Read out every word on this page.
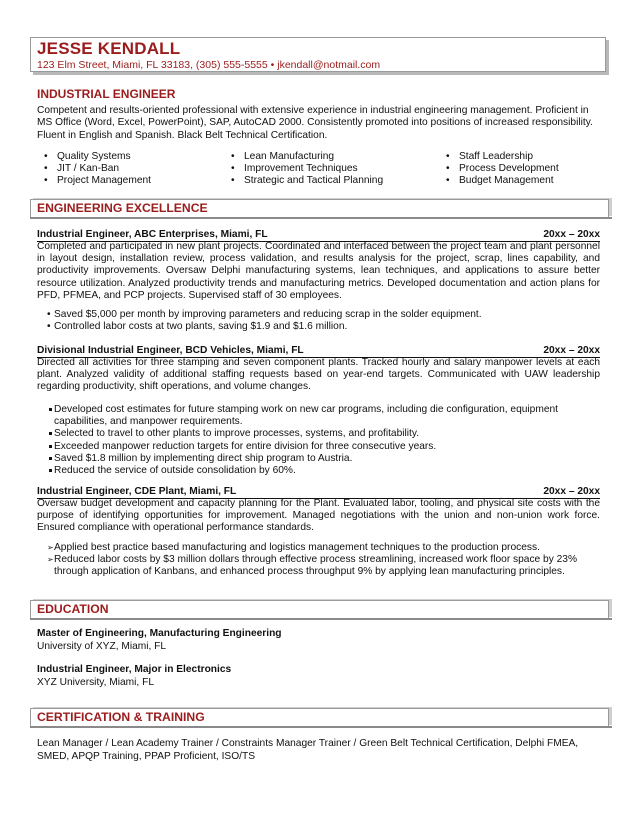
JESSE KENDALL
123 Elm Street, Miami, FL 33183, (305) 555-5555 • jkendall@notmail.com
INDUSTRIAL ENGINEER
Competent and results-oriented professional with extensive experience in industrial engineering management. Proficient in MS Office (Word, Excel, PowerPoint), SAP, AutoCAD 2000. Consistently promoted into positions of increased responsibility. Fluent in English and Spanish. Black Belt Technical Certification.
• Quality Systems
• JIT / Kan-Ban
• Project Management
• Lean Manufacturing
• Improvement Techniques
• Strategic and Tactical Planning
• Staff Leadership
• Process Development
• Budget Management
ENGINEERING EXCELLENCE
Industrial Engineer, ABC Enterprises, Miami, FL	20xx – 20xx
Completed and participated in new plant projects. Coordinated and interfaced between the project team and plant personnel in layout design, installation review, process validation, and results analysis for the project, scrap, lines capability, and productivity improvements. Oversaw Delphi manufacturing systems, lean techniques, and applications to assure better resource utilization. Analyzed productivity trends and manufacturing metrics. Developed documentation and action plans for PFD, PFMEA, and PCP projects. Supervised staff of 30 employees.
• Saved $5,000 per month by improving parameters and reducing scrap in the solder equipment.
• Controlled labor costs at two plants, saving $1.9 and $1.6 million.
Divisional Industrial Engineer, BCD Vehicles, Miami, FL	20xx – 20xx
Directed all activities for three stamping and seven component plants. Tracked hourly and salary manpower levels at each plant. Analyzed validity of additional staffing requests based on year-end targets. Communicated with UAW leadership regarding productivity, shift operations, and volume changes.
Developed cost estimates for future stamping work on new car programs, including die configuration, equipment capabilities, and manpower requirements.
Selected to travel to other plants to improve processes, systems, and profitability.
Exceeded manpower reduction targets for entire division for three consecutive years.
Saved $1.8 million by implementing direct ship program to Austria.
Reduced the service of outside consolidation by 60%.
Industrial Engineer, CDE Plant, Miami, FL	20xx – 20xx
Oversaw budget development and capacity planning for the Plant. Evaluated labor, tooling, and physical site costs with the purpose of identifying opportunities for improvement. Managed negotiations with the union and non-union work force. Ensured compliance with operational performance standards.
➢ Applied best practice based manufacturing and logistics management techniques to the production process.
➢ Reduced labor costs by $3 million dollars through effective process streamlining, increased work floor space by 23% through application of Kanbans, and enhanced process throughput 9% by applying lean manufacturing principles.
EDUCATION
Master of Engineering, Manufacturing Engineering
University of XYZ, Miami, FL
Industrial Engineer, Major in Electronics
XYZ University, Miami, FL
CERTIFICATION & TRAINING
Lean Manager / Lean Academy Trainer / Constraints Manager Trainer / Green Belt Technical Certification, Delphi FMEA, SMED, APQP Training, PPAP Proficient, ISO/TS
